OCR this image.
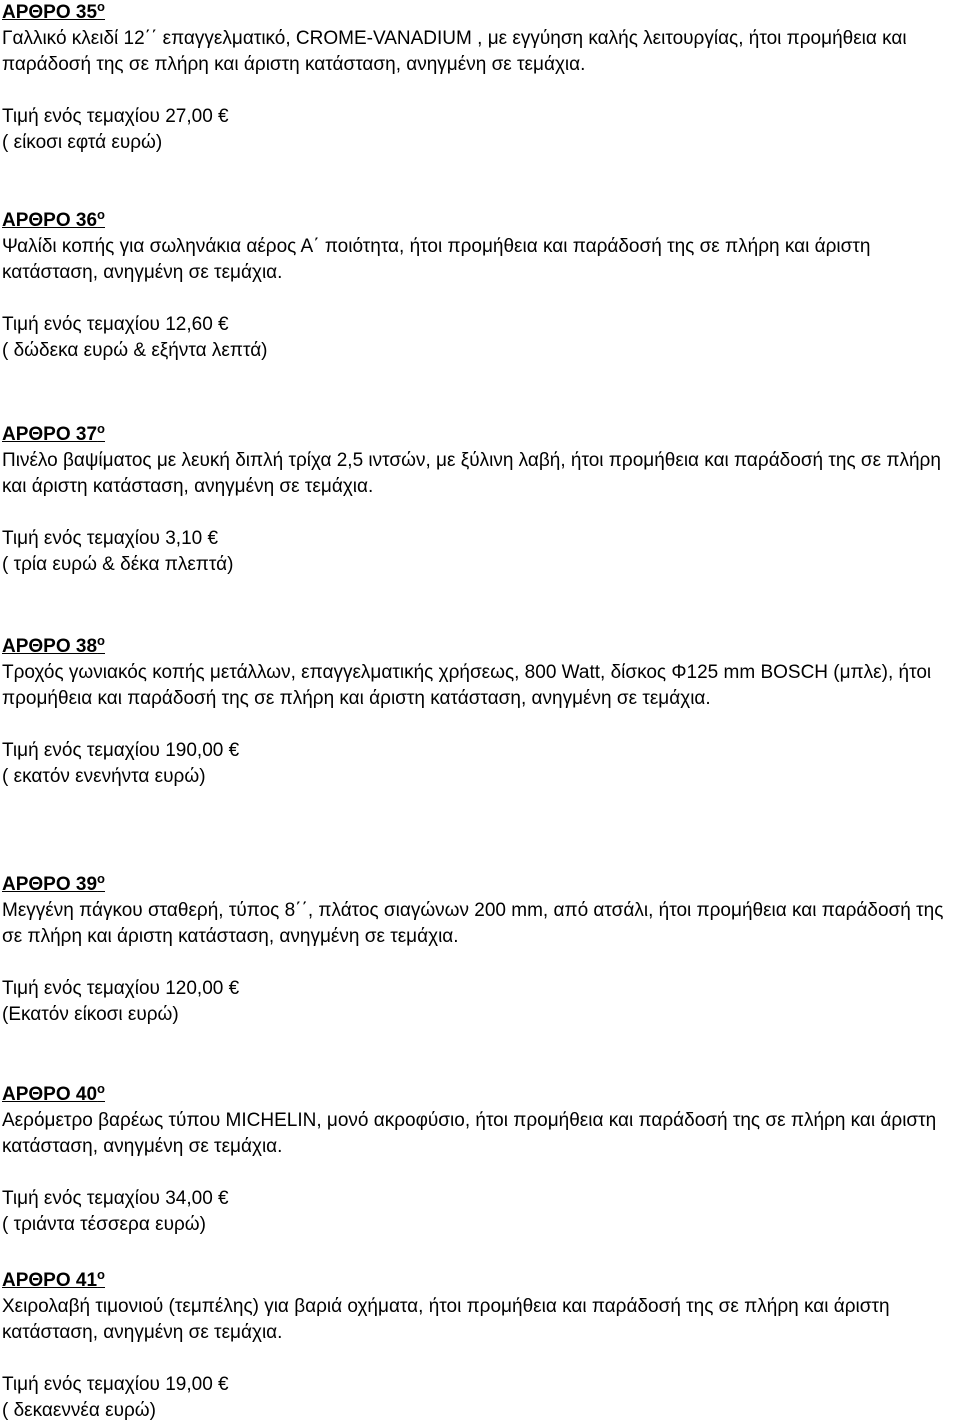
ΑΡΘΡΟ $35^o$

Γαλλικό κλειδί 12΄΄ επαγγελματικό, CROME-VANADIUM , με εγγύηση καλής λειτουργίας, ήτοι προμήθεια και παράδοσή της σε πλήρη και άριστη κατάσταση, ανηγμένη σε τεμάχια.

Τιμή ενός τεμαχίου 27,00 €
( είκοσι εφτά ευρώ)
ΑΡΘΡΟ $36^o$

Ψαλίδι κοπής για σωληνάκια αέρος Α΄ ποιότητα, ήτοι προμήθεια και παράδοσή της σε πλήρη και άριστη κατάσταση, ανηγμένη σε τεμάχια.

Τιμή ενός τεμαχίου 12,60 €
( δώδεκα ευρώ & εξήντα λεπτά)
ΑΡΘΡΟ $37^o$

Πινέλο βαψίματος με λευκή διπλή τρίχα 2,5 ιντσών, με ξύλινη λαβή, ήτοι προμήθεια και παράδοσή της σε πλήρη και άριστη κατάσταση, ανηγμένη σε τεμάχια.

Τιμή ενός τεμαχίου 3,10 €
( τρία ευρώ & δέκα πλεπτά)
ΑΡΘΡΟ $38^o$

Τροχός γωνιακός κοπής μετάλλων, επαγγελματικής χρήσεως, 800 Watt, δίσκος Φ125 mm BOSCH (μπλε), ήτοι προμήθεια και παράδοσή της σε πλήρη και άριστη κατάσταση, ανηγμένη σε τεμάχια.

Τιμή ενός τεμαχίου 190,00 €
( εκατόν ενενήντα ευρώ)
ΑΡΘΡΟ $39^o$

Μεγγένη πάγκου σταθερή, τύπος 8΄΄, πλάτος σιαγώνων 200 mm, από ατσάλι, ήτοι προμήθεια και παράδοσή της σε πλήρη και άριστη κατάσταση, ανηγμένη σε τεμάχια.

Τιμή ενός τεμαχίου 120,00 €
(Εκατόν είκοσι ευρώ)
ΑΡΘΡΟ $40^o$

Αερόμετρο βαρέως τύπου MICHELIN, μονό ακροφύσιο, ήτοι προμήθεια και παράδοσή της σε πλήρη και άριστη κατάσταση, ανηγμένη σε τεμάχια.

Τιμή ενός τεμαχίου 34,00 €
( τριάντα τέσσερα ευρώ)
ΑΡΘΡΟ $41^o$

Χειρολαβή τιμονιού (τεμπέλης) για βαριά οχήματα, ήτοι προμήθεια και παράδοσή της σε πλήρη και άριστη κατάσταση, ανηγμένη σε τεμάχια.

Τιμή ενός τεμαχίου 19,00 €
( δεκαεννέα ευρώ)
